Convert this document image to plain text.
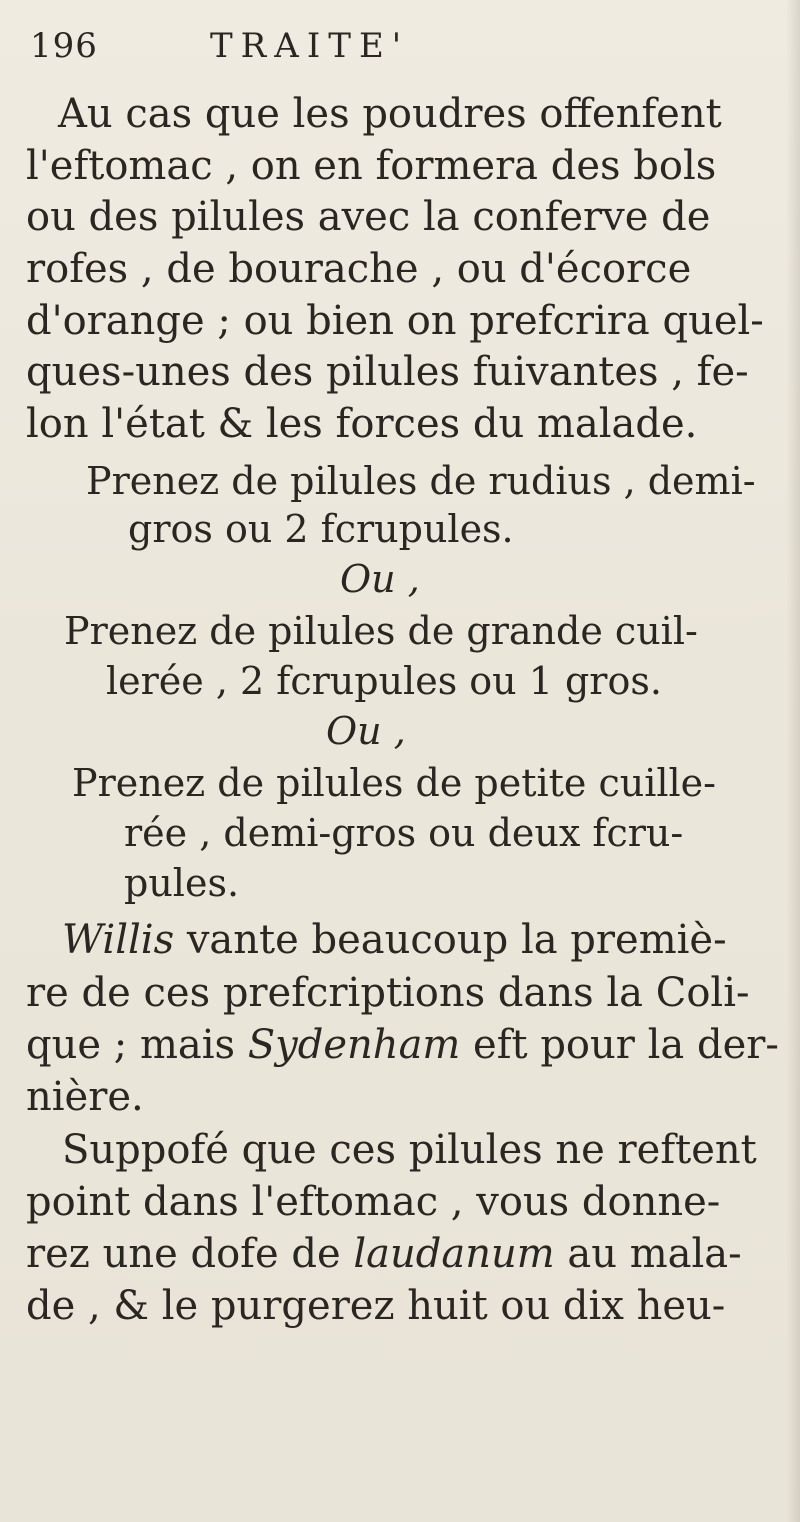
196	TRAITE'
Au cas que les poudres offenfent
l'eftomac , on en formera des bols
ou des pilules avec la conferve de
rofes , de bourache , ou d'écorce
d'orange ; ou bien on prefcrira quel-
ques-unes des pilules fuivantes , fe-
lon l'état & les forces du malade.
Prenez de pilules de rudius , demi-
gros ou 2 fcrupules.
Ou ,
Prenez de pilules de grande cuil-
lerée , 2 fcrupules ou 1 gros.
Ou ,
Prenez de pilules de petite cuille-
rée , demi-gros ou deux fcru-
pules.
Willis vante beaucoup la premiè-
re de ces prefcriptions dans la Coli-
que ; mais Sydenham eft pour la der-
nière.
Suppofé que ces pilules ne reftent
point dans l'eftomac , vous donne-
rez une dofe de laudanum au mala-
de , & le purgerez huit ou dix heu-
